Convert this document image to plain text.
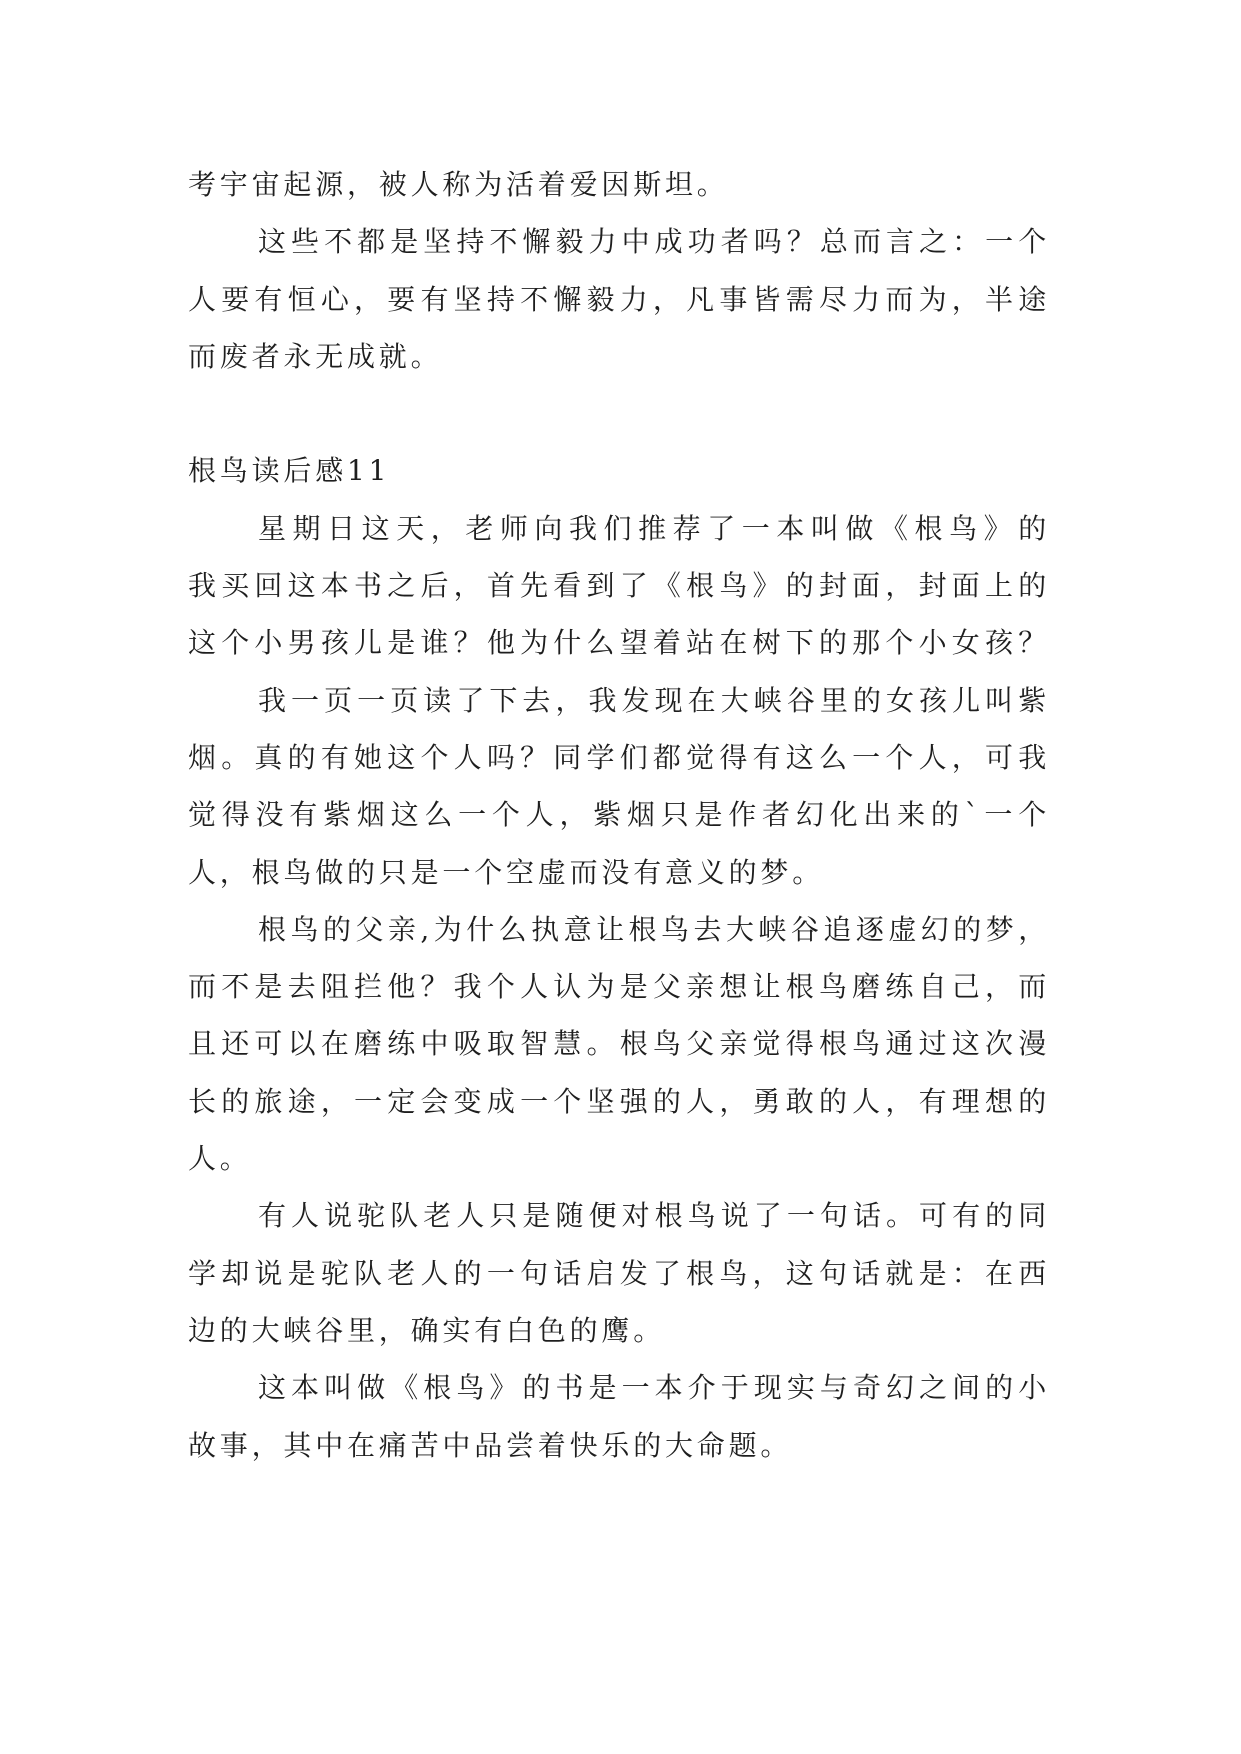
考宇宙起源，被人称为活着爱因斯坦。
这些不都是坚持不懈毅力中成功者吗？总而言之：一个
人要有恒心，要有坚持不懈毅力，凡事皆需尽力而为，半途
而废者永无成就。
根鸟读后感11
星期日这天，老师向我们推荐了一本叫做《根鸟》的
我买回这本书之后，首先看到了《根鸟》的封面，封面上的
这个小男孩儿是谁？他为什么望着站在树下的那个小女孩？
我一页一页读了下去，我发现在大峡谷里的女孩儿叫紫
烟。真的有她这个人吗？同学们都觉得有这么一个人，可我
觉得没有紫烟这么一个人，紫烟只是作者幻化出来的`一个
人，根鸟做的只是一个空虚而没有意义的梦。
根鸟的父亲,为什么执意让根鸟去大峡谷追逐虚幻的梦，
而不是去阻拦他？我个人认为是父亲想让根鸟磨练自己，而
且还可以在磨练中吸取智慧。根鸟父亲觉得根鸟通过这次漫
长的旅途，一定会变成一个坚强的人，勇敢的人，有理想的
人。
有人说驼队老人只是随便对根鸟说了一句话。可有的同
学却说是驼队老人的一句话启发了根鸟，这句话就是：在西
边的大峡谷里，确实有白色的鹰。
这本叫做《根鸟》的书是一本介于现实与奇幻之间的小
故事，其中在痛苦中品尝着快乐的大命题。
